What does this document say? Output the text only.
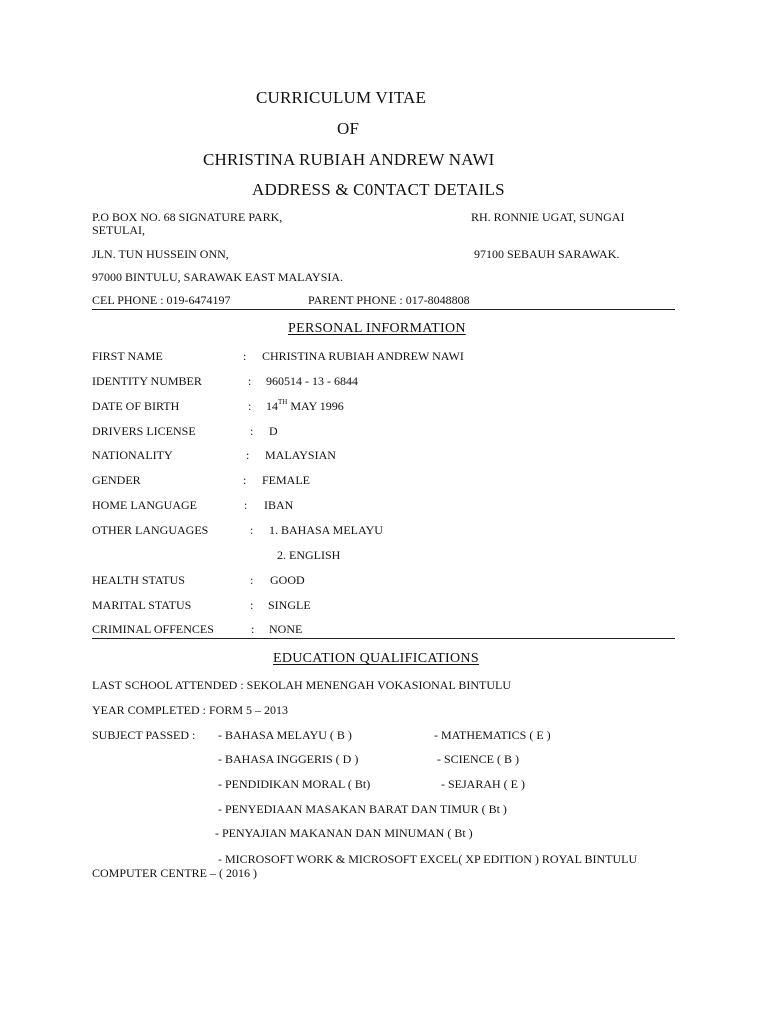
CURRICULUM VITAE
OF
CHRISTINA RUBIAH ANDREW NAWI
ADDRESS & C0NTACT DETAILS
P.O BOX NO. 68 SIGNATURE PARK,	RH. RONNIE UGAT, SUNGAI
SETULAI,
JLN. TUN HUSSEIN ONN,	97100 SEBAUH SARAWAK.
97000 BINTULU, SARAWAK EAST MALAYSIA.
CEL PHONE : 019-6474197	PARENT PHONE : 017-8048808
PERSONAL INFORMATION
FIRST NAME	: CHRISTINA RUBIAH ANDREW NAWI
IDENTITY NUMBER	: 960514 - 13 - 6844
DATE OF BIRTH	: 14TH MAY 1996
DRIVERS LICENSE	: D
NATIONALITY	: MALAYSIAN
GENDER	: FEMALE
HOME LANGUAGE	: IBAN
OTHER LANGUAGES	: 1. BAHASA MELAYU
2. ENGLISH
HEALTH STATUS	: GOOD
MARITAL STATUS	: SINGLE
CRIMINAL OFFENCES	: NONE
EDUCATION QUALIFICATIONS
LAST SCHOOL ATTENDED : SEKOLAH MENENGAH VOKASIONAL BINTULU
YEAR COMPLETED : FORM 5 – 2013
SUBJECT PASSED : - BAHASA MELAYU ( B )	- MATHEMATICS ( E )
- BAHASA INGGERIS ( D )	- SCIENCE ( B )
- PENDIDIKAN MORAL ( Bt)	- SEJARAH ( E )
- PENYEDIAAN MASAKAN BARAT DAN TIMUR ( Bt )
- PENYAJIAN MAKANAN DAN MINUMAN ( Bt )
- MICROSOFT WORK & MICROSOFT EXCEL( XP EDITION ) ROYAL BINTULU
COMPUTER CENTRE – ( 2016 )
